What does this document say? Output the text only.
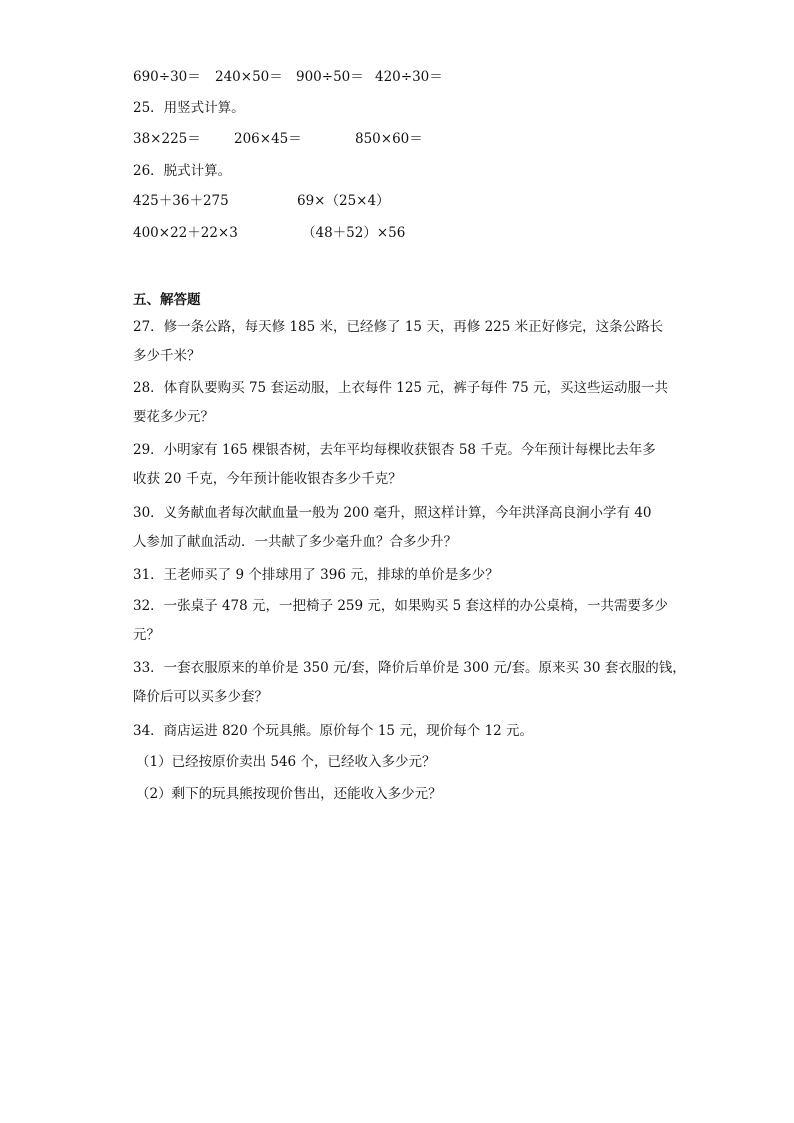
690÷30＝ 240×50＝ 900÷50＝ 420÷30＝
25．用竖式计算。
38×225＝ 206×45＝	850×60＝
26．脱式计算。
425＋36＋275	69×（25×4）
400×22＋22×3	（48＋52）×56
五、解答题
27．修一条公路，每天修 185 米，已经修了 15 天，再修 225 米正好修完，这条公路长
多少千米？
28．体育队要购买 75 套运动服，上衣每件 125 元，裤子每件 75 元，买这些运动服一共
要花多少元？
29．小明家有 165 棵银杏树，去年平均每棵收获银杏 58 千克。今年预计每棵比去年多
收获 20 千克，今年预计能收银杏多少千克？
30．义务献血者每次献血量一般为 200 毫升，照这样计算，今年洪泽高良涧小学有 40
人参加了献血活动．一共献了多少毫升血？合多少升？
31．王老师买了 9 个排球用了 396 元，排球的单价是多少？
32．一张桌子 478 元，一把椅子 259 元，如果购买 5 套这样的办公桌椅，一共需要多少
元？
33．一套衣服原来的单价是 350 元/套，降价后单价是 300 元/套。原来买 30 套衣服的钱，
降价后可以买多少套？
34．商店运进 820 个玩具熊。原价每个 15 元，现价每个 12 元。
（1）已经按原价卖出 546 个，已经收入多少元？
（2）剩下的玩具熊按现价售出，还能收入多少元？
